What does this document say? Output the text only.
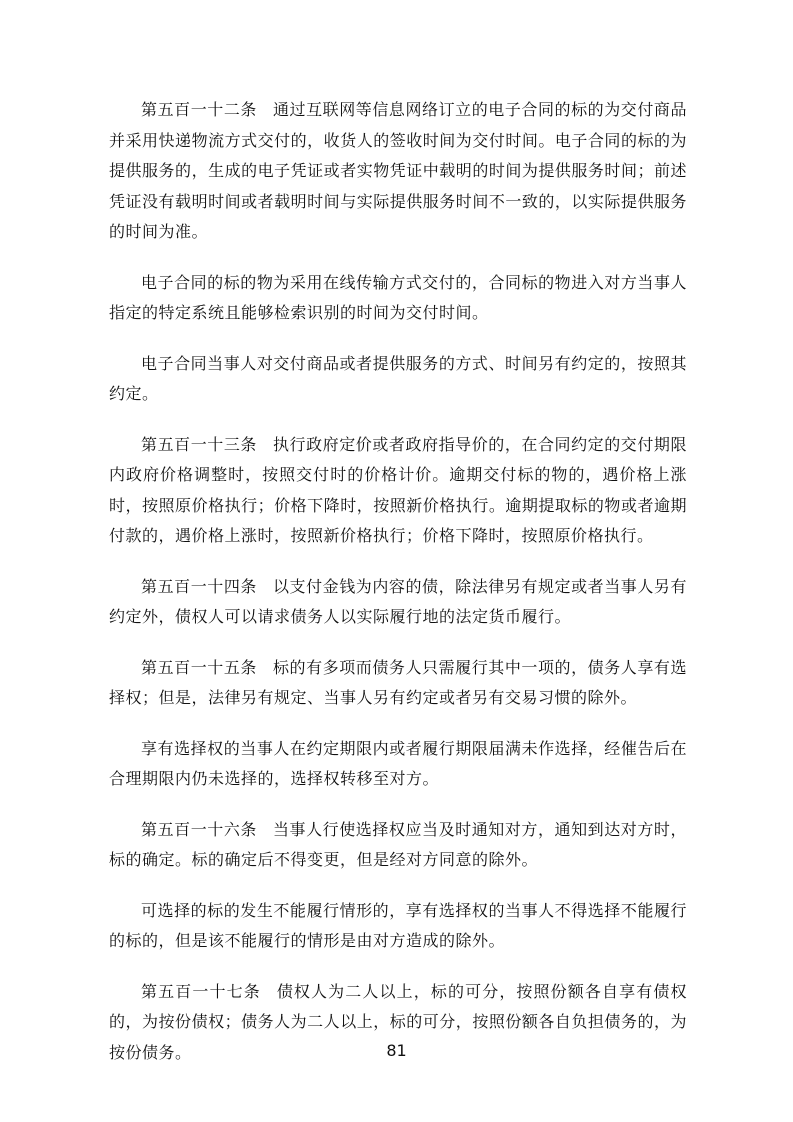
第五百一十二条 通过互联网等信息网络订立的电子合同的标的为交付商品并采用快递物流方式交付的，收货人的签收时间为交付时间。电子合同的标的为提供服务的，生成的电子凭证或者实物凭证中载明的时间为提供服务时间；前述凭证没有载明时间或者载明时间与实际提供服务时间不一致的，以实际提供服务的时间为准。

电子合同的标的物为采用在线传输方式交付的，合同标的物进入对方当事人指定的特定系统且能够检索识别的时间为交付时间。

电子合同当事人对交付商品或者提供服务的方式、时间另有约定的，按照其约定。

第五百一十三条 执行政府定价或者政府指导价的，在合同约定的交付期限内政府价格调整时，按照交付时的价格计价。逾期交付标的物的，遇价格上涨时，按照原价格执行；价格下降时，按照新价格执行。逾期提取标的物或者逾期付款的，遇价格上涨时，按照新价格执行；价格下降时，按照原价格执行。

第五百一十四条 以支付金钱为内容的债，除法律另有规定或者当事人另有约定外，债权人可以请求债务人以实际履行地的法定货币履行。

第五百一十五条 标的有多项而债务人只需履行其中一项的，债务人享有选择权；但是，法律另有规定、当事人另有约定或者另有交易习惯的除外。

享有选择权的当事人在约定期限内或者履行期限届满未作选择，经催告后在合理期限内仍未选择的，选择权转移至对方。

第五百一十六条 当事人行使选择权应当及时通知对方，通知到达对方时，标的确定。标的确定后不得变更，但是经对方同意的除外。

可选择的标的发生不能履行情形的，享有选择权的当事人不得选择不能履行的标的，但是该不能履行的情形是由对方造成的除外。

第五百一十七条 债权人为二人以上，标的可分，按照份额各自享有债权的，为按份债权；债务人为二人以上，标的可分，按照份额各自负担债务的，为按份债务。	81
